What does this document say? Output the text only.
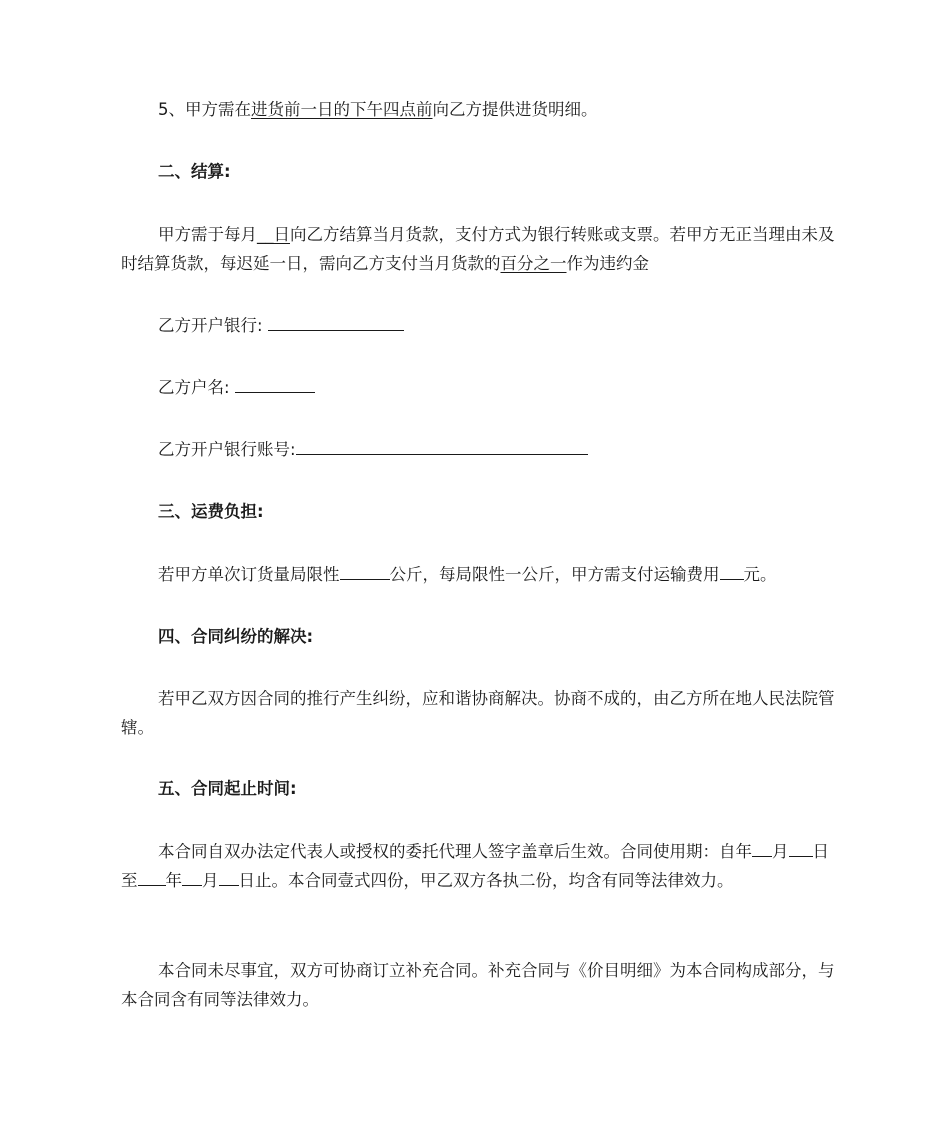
5、甲方需在进货前一日的下午四点前向乙方提供进货明细。

二、结算:

甲方需于每月__日向乙方结算当月货款，支付方式为银行转账或支票。若甲方无正当理由未及时结算货款，每迟延一日，需向乙方支付当月货款的百分之一作为违约金

乙方开户银行:

乙方户名:

乙方开户银行账号:

三、运费负担:

若甲方单次订货量局限性	公斤，每局限性一公斤，甲方需支付运输费用 元。

四、合同纠纷的解决:

若甲乙双方因合同的推行产生纠纷，应和谐协商解决。协商不成的，由乙方所在地人民法院管辖。

五、合同起止时间:

本合同自双办法定代表人或授权的委托代理人签字盖章后生效。合同使用期：自年 月 日至 年 月 日止。本合同壹式四份，甲乙双方各执二份，均含有同等法律效力。

本合同未尽事宜，双方可协商订立补充合同。补充合同与《价目明细》为本合同构成部分，与本合同含有同等法律效力。
